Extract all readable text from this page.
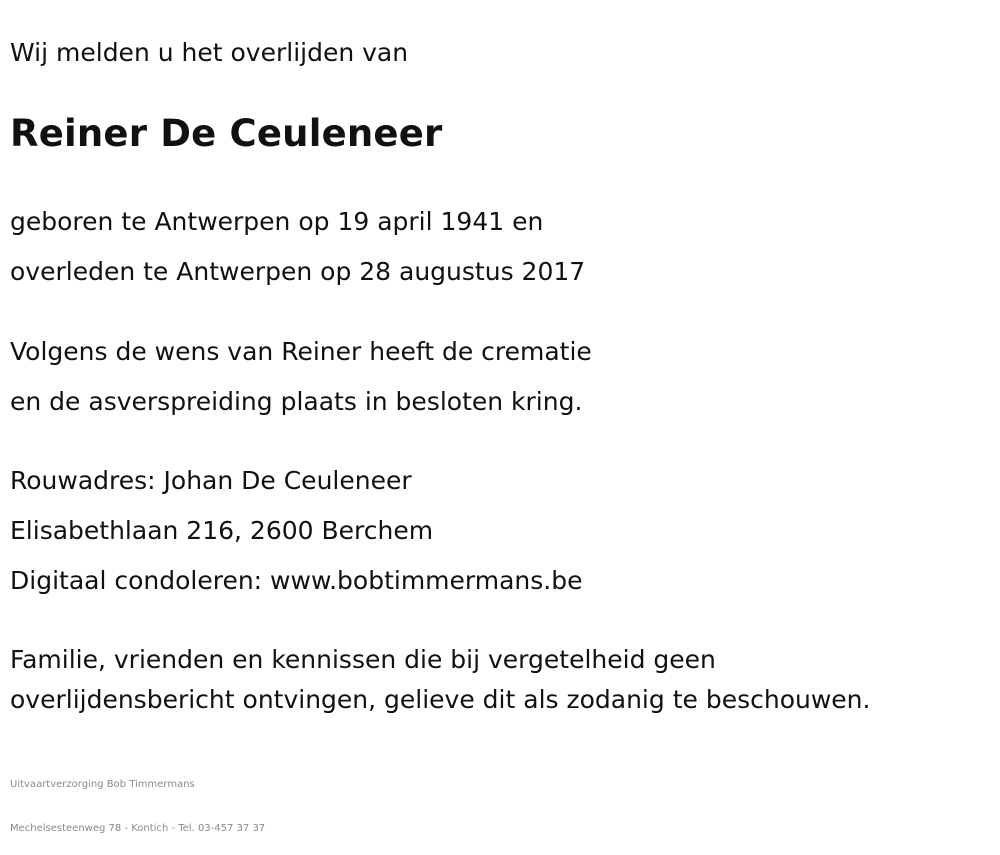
Wij melden u het overlijden van

Reiner De Ceuleneer

geboren te Antwerpen op 19 april 1941 en

overleden te Antwerpen op 28 augustus 2017

Volgens de wens van Reiner heeft de crematie

en de asverspreiding plaats in besloten kring.

Rouwadres: Johan De Ceuleneer

Elisabethlaan 216, 2600 Berchem

Digitaal condoleren: www.bobtimmermans.be

Familie, vrienden en kennissen die bij vergetelheid geen

overlijdensbericht ontvingen, gelieve dit als zodanig te beschouwen.

Uitvaartverzorging Bob Timmermans

Mechelsesteenweg 78 - Kontich - Tel. 03-457 37 37
